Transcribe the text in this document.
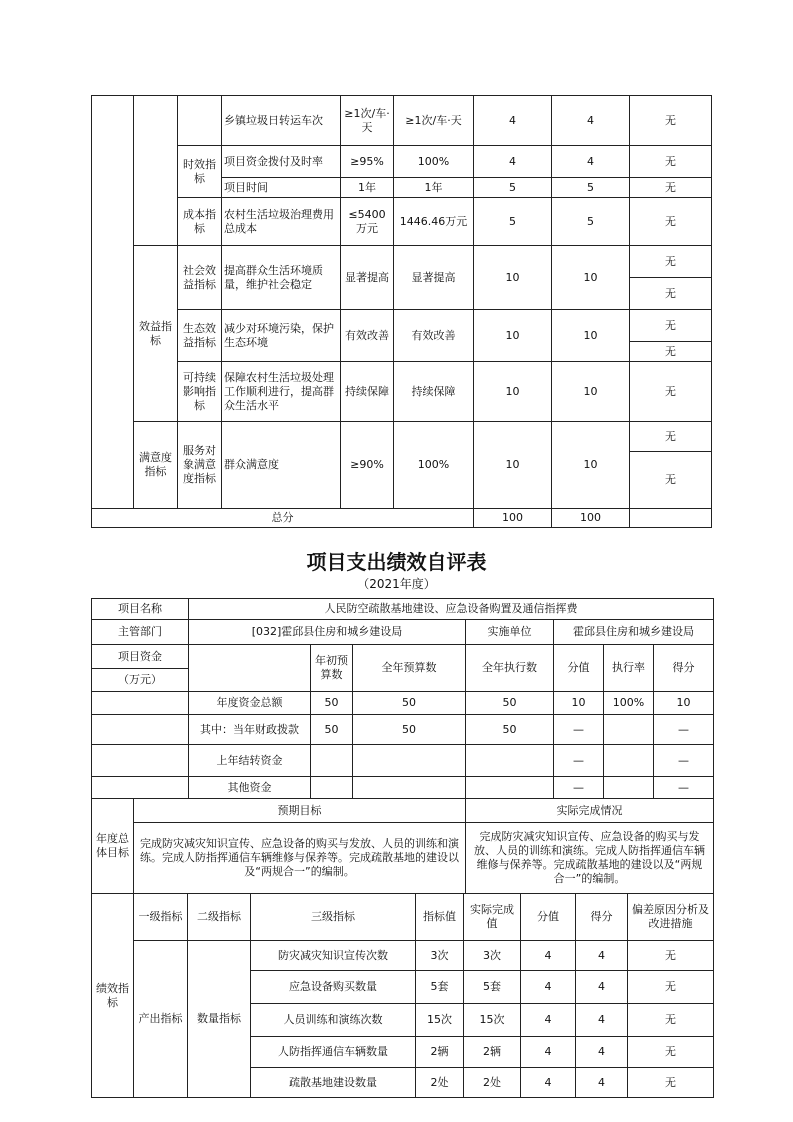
			乡镇垃圾日转运车次	≥1次/车·天	≥1次/车·天	4	4	无
		时效指标	项目资金拨付及时率	≥95%	100%	4	4	无
			项目时间	1年	1年	5	5	无
		成本指标	农村生活垃圾治理费用总成本	≤5400万元	1446.46万元	5	5	无
	效益指标	社会效益指标	提高群众生活环境质量，维护社会稳定	显著提高	显著提高	10	10	无
								无
		生态效益指标	减少对环境污染，保护生态环境	有效改善	有效改善	10	10	无
								无
		可持续影响指标	保障农村生活垃圾处理工作顺利进行，提高群众生活水平	持续保障	持续保障	10	10	无
	满意度指标	服务对象满意度指标	群众满意度	≥90%	100%	10	10	无
								无
总分						100	100	
项目支出绩效自评表
（2021年度）
项目名称	人民防空疏散基地建设、应急设备购置及通信指挥费						
主管部门	[032]霍邱县住房和城乡建设局			实施单位	霍邱县住房和城乡建设局		
项目资金		年初预算数	全年预算数	全年执行数	分值	执行率	得分
（万元）							
	年度资金总额	50	50	50	10	100%	10
	其中：当年财政拨款	50	50	50	—		—
	上年结转资金				—		—
	其他资金				—		—
年度总体目标	预期目标	实际完成情况
	完成防灾减灾知识宣传、应急设备的购买与发放、人员的训练和演练。完成人防指挥通信车辆维修与保养等。完成疏散基地的建设以及“两规合一”的编制。	完成防灾减灾知识宣传、应急设备的购买与发放、人员的训练和演练。完成人防指挥通信车辆维修与保养等。完成疏散基地的建设以及“两规合一”的编制。
绩效指标	一级指标	二级指标	三级指标	指标值	实际完成值	分值	得分	偏差原因分析及改进措施
	产出指标	数量指标	防灾减灾知识宣传次数	3次	3次	4	4	无
			应急设备购买数量	5套	5套	4	4	无
			人员训练和演练次数	15次	15次	4	4	无
			人防指挥通信车辆数量	2辆	2辆	4	4	无
			疏散基地建设数量	2处	2处	4	4	无
